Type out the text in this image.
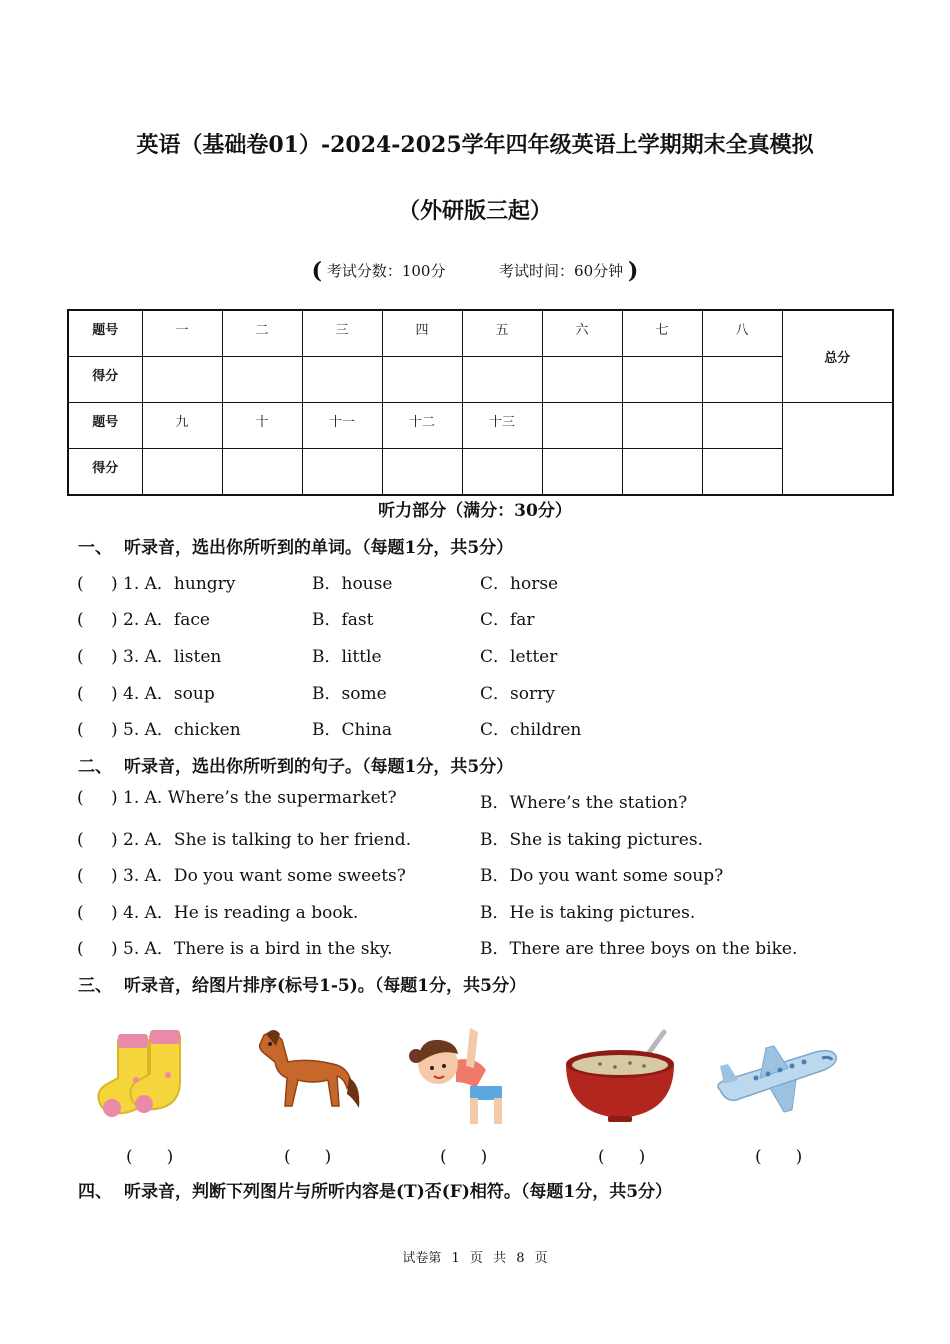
英语（基础卷01）-2024-2025学年四年级英语上学期期末全真模拟
（外研版三起）
( 考试分数：100分	考试时间：60分钟 )
题号	一	二	三	四	五	六	七	八	总分
得分									
题号	九	十	十一	十二	十三				
得分									
听力部分（满分：30分）
一、 听录音，选出你所听到的单词。（每题1分，共5分）
( ) 1. A．hungry	B．house	C．horse
( ) 2. A．face	B．fast	C．far
( ) 3. A．listen	B．little	C．letter
( ) 4. A．soup	B．some	C．sorry
( ) 5. A．chicken	B．China	C．children
二、 听录音，选出你所听到的句子。（每题1分，共5分）
( ) 1. A. Where’s the supermarket?	B．Where’s the station?
( ) 2. A．She is talking to her friend.	B．She is taking pictures.
( ) 3. A．Do you want some sweets?	B．Do you want some soup?
( ) 4. A．He is reading a book.	B．He is taking pictures.
( ) 5. A．There is a bird in the sky.	B．There are three boys on the bike.
三、 听录音，给图片排序(标号1-5)。（每题1分，共5分）
(　　)	(　　)	(　　)	(　　)	(　　)
四、 听录音，判断下列图片与所听内容是(T)否(F)相符。（每题1分，共5分）
试卷第 1 页 共 8 页
